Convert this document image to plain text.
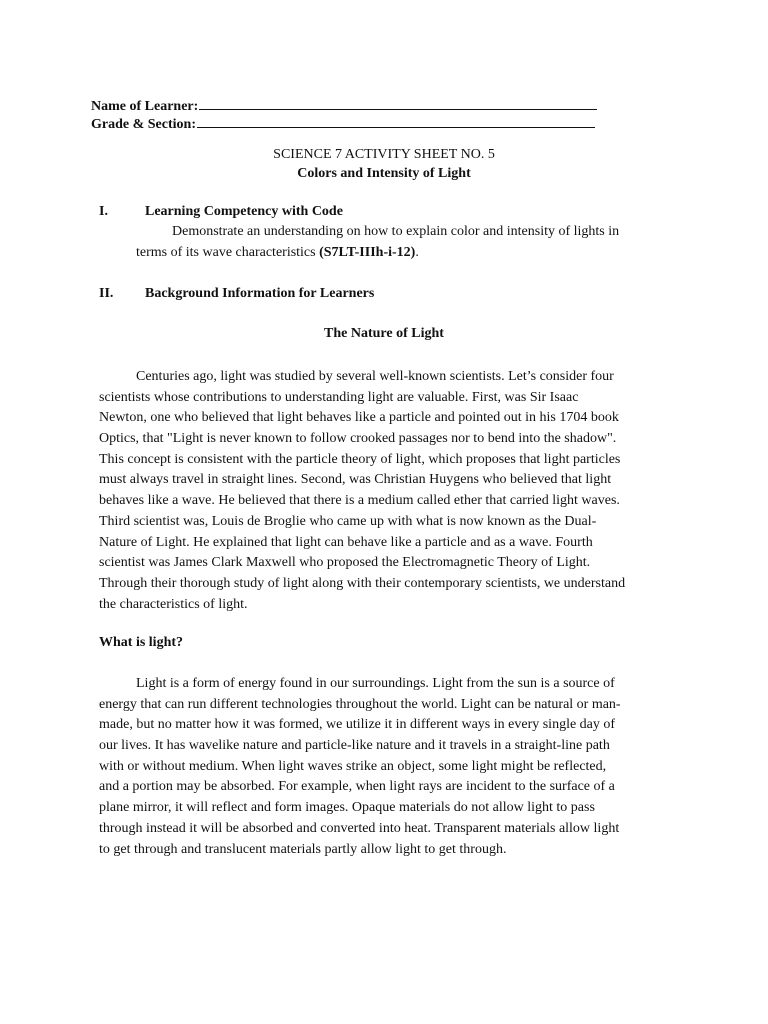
Name of Learner:
Grade & Section:
SCIENCE 7 ACTIVITY SHEET NO. 5
Colors and Intensity of Light
I.	Learning Competency with Code
Demonstrate an understanding on how to explain color and intensity of lights in
terms of its wave characteristics (S7LT-IIIh-i-12).
II. Background Information for Learners
The Nature of Light
Centuries ago, light was studied by several well-known scientists. Let’s consider four
scientists whose contributions to understanding light are valuable. First, was Sir Isaac
Newton, one who believed that light behaves like a particle and pointed out in his 1704 book
Optics, that "Light is never known to follow crooked passages nor to bend into the shadow".
This concept is consistent with the particle theory of light, which proposes that light particles
must always travel in straight lines. Second, was Christian Huygens who believed that light
behaves like a wave. He believed that there is a medium called ether that carried light waves.
Third scientist was, Louis de Broglie who came up with what is now known as the Dual-
Nature of Light. He explained that light can behave like a particle and as a wave. Fourth
scientist was James Clark Maxwell who proposed the Electromagnetic Theory of Light.
Through their thorough study of light along with their contemporary scientists, we understand
the characteristics of light.
What is light?
Light is a form of energy found in our surroundings. Light from the sun is a source of
energy that can run different technologies throughout the world. Light can be natural or man-
made, but no matter how it was formed, we utilize it in different ways in every single day of
our lives. It has wavelike nature and particle-like nature and it travels in a straight-line path
with or without medium. When light waves strike an object, some light might be reflected,
and a portion may be absorbed. For example, when light rays are incident to the surface of a
plane mirror, it will reflect and form images. Opaque materials do not allow light to pass
through instead it will be absorbed and converted into heat. Transparent materials allow light
to get through and translucent materials partly allow light to get through.
